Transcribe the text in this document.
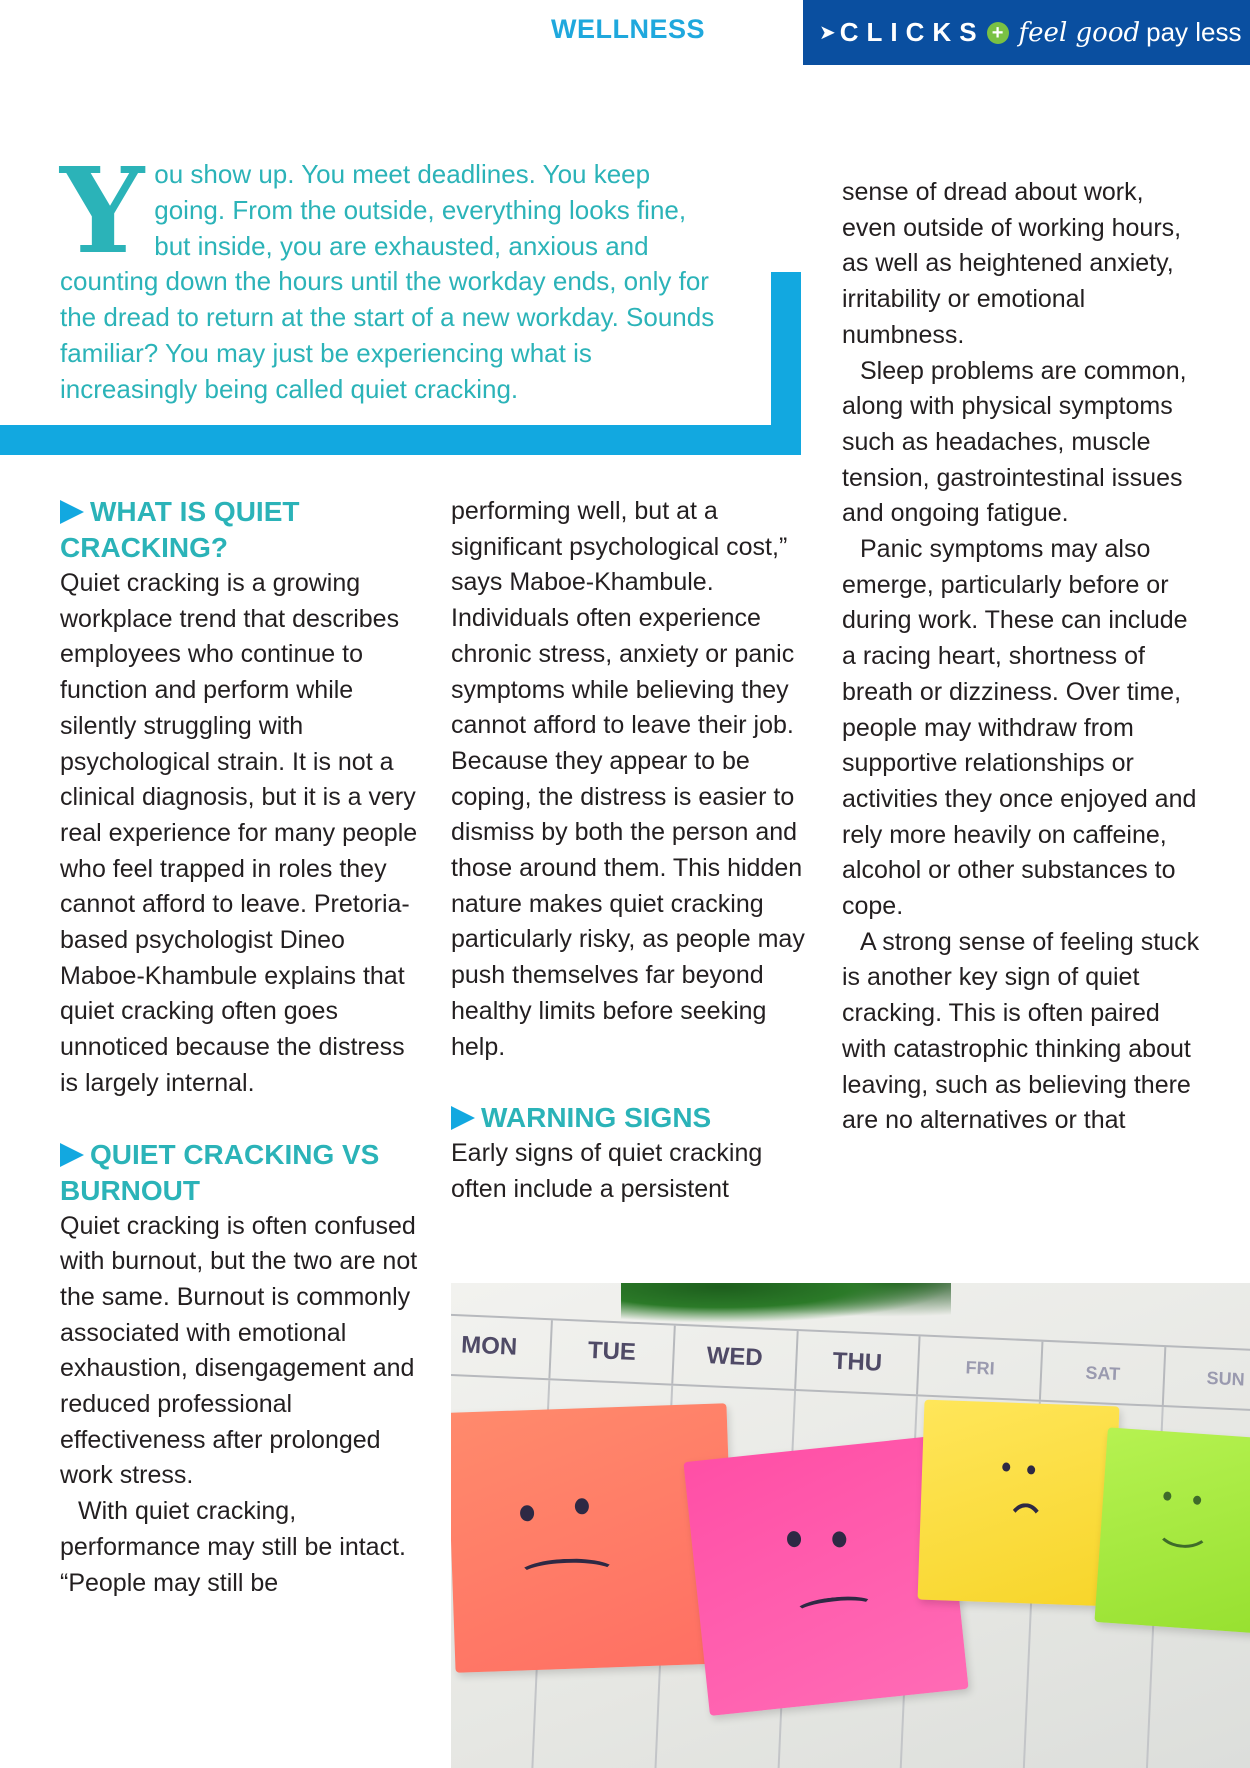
WELLNESS	➤ CLICKS + feel good pay less
Y ou show up. You meet deadlines. You keep going. From the outside, everything looks fine, but inside, you are exhausted, anxious and counting down the hours until the workday ends, only for the dread to return at the start of a new workday. Sounds familiar? You may just be experiencing what is increasingly being called quiet cracking.
WHAT IS QUIET CRACKING?

Quiet cracking is a growing workplace trend that describes employees who continue to function and perform while silently struggling with psychological strain. It is not a clinical diagnosis, but it is a very real experience for many people who feel trapped in roles they cannot afford to leave. Pretoria-based psychologist Dineo Maboe-Khambule explains that quiet cracking often goes unnoticed because the distress is largely internal.

QUIET CRACKING VS BURNOUT

Quiet cracking is often confused with burnout, but the two are not the same. Burnout is commonly associated with emotional exhaustion, disengagement and reduced professional effectiveness after prolonged work stress.

With quiet cracking, performance may still be intact. “People may still be

performing well, but at a significant psychological cost,” says Maboe-Khambule. Individuals often experience chronic stress, anxiety or panic symptoms while believing they cannot afford to leave their job. Because they appear to be coping, the distress is easier to dismiss by both the person and those around them. This hidden nature makes quiet cracking particularly risky, as people may push themselves far beyond healthy limits before seeking help.

WARNING SIGNS

Early signs of quiet cracking often include a persistent

sense of dread about work, even outside of working hours, as well as heightened anxiety, irritability or emotional numbness.

Sleep problems are common, along with physical symptoms such as headaches, muscle tension, gastrointestinal issues and ongoing fatigue.

Panic symptoms may also emerge, particularly before or during work. These can include a racing heart, shortness of breath or dizziness. Over time, people may withdraw from supportive relationships or activities they once enjoyed and rely more heavily on caffeine, alcohol or other substances to cope.

A strong sense of feeling stuck is another key sign of quiet cracking. This is often paired with catastrophic thinking about leaving, such as believing there are no alternatives or that

MON	TUE	WED	THU	FRI	SAT	SUN
